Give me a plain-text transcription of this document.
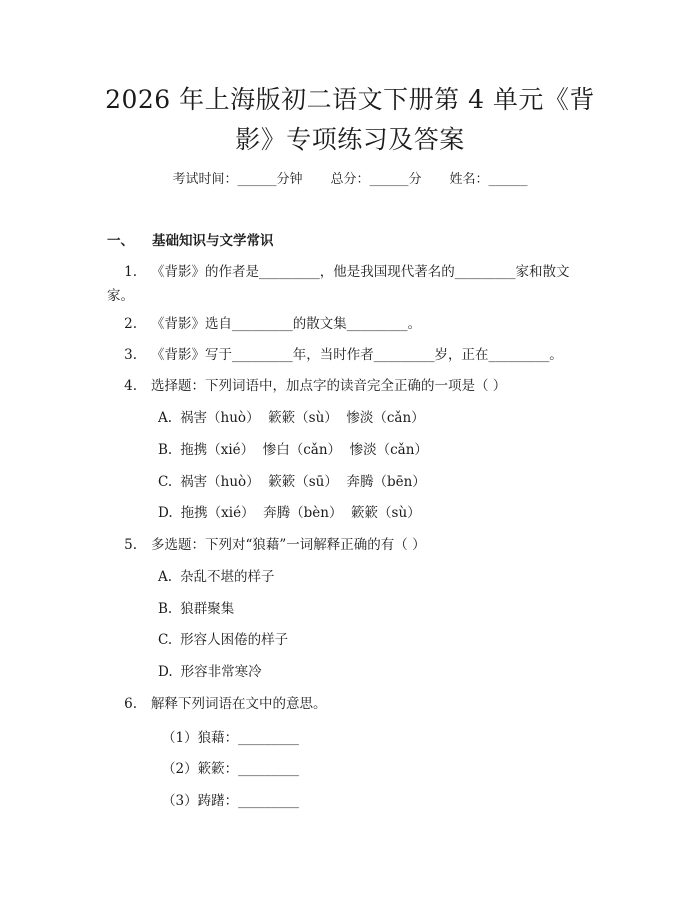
2026 年上海版初二语文下册第 4 单元《背影》专项练习及答案
考试时间：______分钟 总分：______分 姓名：______
一、 基础知识与文学常识
1. 《背影》的作者是_________，他是我国现代著名的_________家和散文家。
2. 《背影》选自_________的散文集_________。
3. 《背影》写于_________年，当时作者_________岁，正在_________。
4. 选择题：下列词语中，加点字的读音完全正确的一项是（ ）
A. 祸害（huò）  簌簌（sù）  惨淡（cǎn）
B. 拖携（xié）  惨白（cǎn）  惨淡（cǎn）
C. 祸害（huò）  簌簌（sū）  奔腾（bēn）
D. 拖携（xié）  奔腾（bèn）  簌簌（sù）
5. 多选题：下列对“狼藉”一词解释正确的有（ ）
A. 杂乱不堪的样子
B. 狼群聚集
C. 形容人困倦的样子
D. 形容非常寒冷
6. 解释下列词语在文中的意思。
（1）狼藉：_________
（2）簌簌：_________
（3）踌躇：_________
